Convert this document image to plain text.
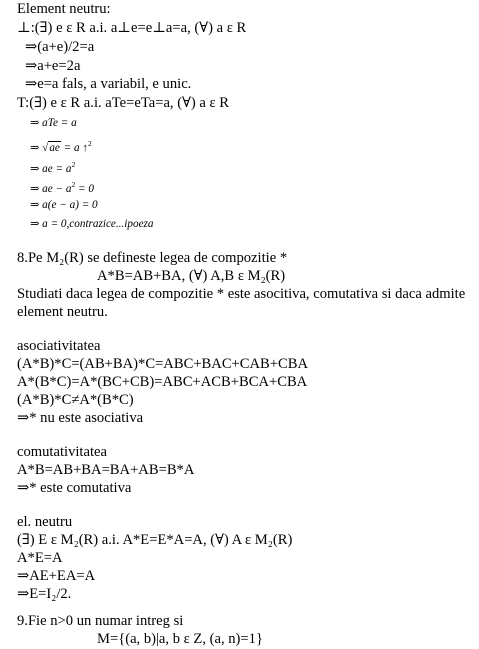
Element neutru:
⊥:(∃) e ε R a.i. a⊥e=e⊥a=a, (∀) a ε R
⇒(a+e)/2=a
⇒a+e=2a
⇒e=a fals, a variabil, e unic.
T:(∃) e ε R a.i. aTe=eTa=a, (∀) a ε R
⇒ aTe = a
⇒ √ae = a ↑$^2$
⇒ ae = $a^2$
⇒ ae − $a^2 = 0$
⇒ a(e − a) = 0
⇒ a = 0,contrazice...ipoeza
8.Pe M₂(R) se defineste legea de compozitie *
A*B=AB+BA, (∀) A,B ε M₂(R)
Studiati daca legea de compozitie * este asocitiva, comutativa si daca admite
element neutru.
asociativitatea
(A*B)*C=(AB+BA)*C=ABC+BAC+CAB+CBA
A*(B*C)=A*(BC+CB)=ABC+ACB+BCA+CBA
(A*B)*C≠A*(B*C)
⇒* nu este asociativa
comutativitatea
A*B=AB+BA=BA+AB=B*A
⇒* este comutativa
el. neutru
(∃) E ε M₂(R) a.i. A*E=E*A=A, (∀) A ε M₂(R)
A*E=A
⇒AE+EA=A
⇒E=I₂/2.
9.Fie n>0 un numar intreg si
M={(a, b)|a, b ε Z, (a, n)=1}
